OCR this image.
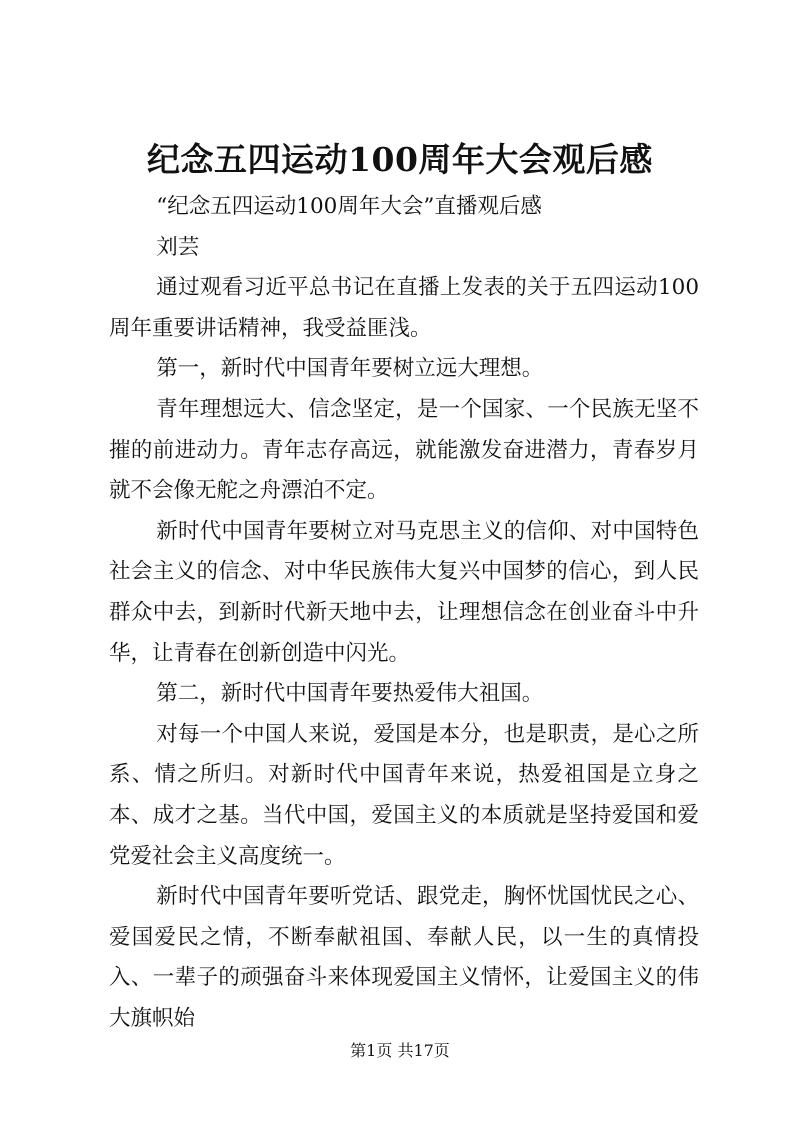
纪念五四运动100周年大会观后感

“纪念五四运动100周年大会”直播观后感

刘芸

通过观看习近平总书记在直播上发表的关于五四运动100周年重要讲话精神，我受益匪浅。

第一，新时代中国青年要树立远大理想。

青年理想远大、信念坚定，是一个国家、一个民族无坚不摧的前进动力。青年志存高远，就能激发奋进潜力，青春岁月就不会像无舵之舟漂泊不定。

新时代中国青年要树立对马克思主义的信仰、对中国特色社会主义的信念、对中华民族伟大复兴中国梦的信心，到人民群众中去，到新时代新天地中去，让理想信念在创业奋斗中升华，让青春在创新创造中闪光。

第二，新时代中国青年要热爱伟大祖国。

对每一个中国人来说，爱国是本分，也是职责，是心之所系、情之所归。对新时代中国青年来说，热爱祖国是立身之本、成才之基。当代中国，爱国主义的本质就是坚持爱国和爱党爱社会主义高度统一。

新时代中国青年要听党话、跟党走，胸怀忧国忧民之心、爱国爱民之情，不断奉献祖国、奉献人民，以一生的真情投入、一辈子的顽强奋斗来体现爱国主义情怀，让爱国主义的伟大旗帜始

第1页 共17页
